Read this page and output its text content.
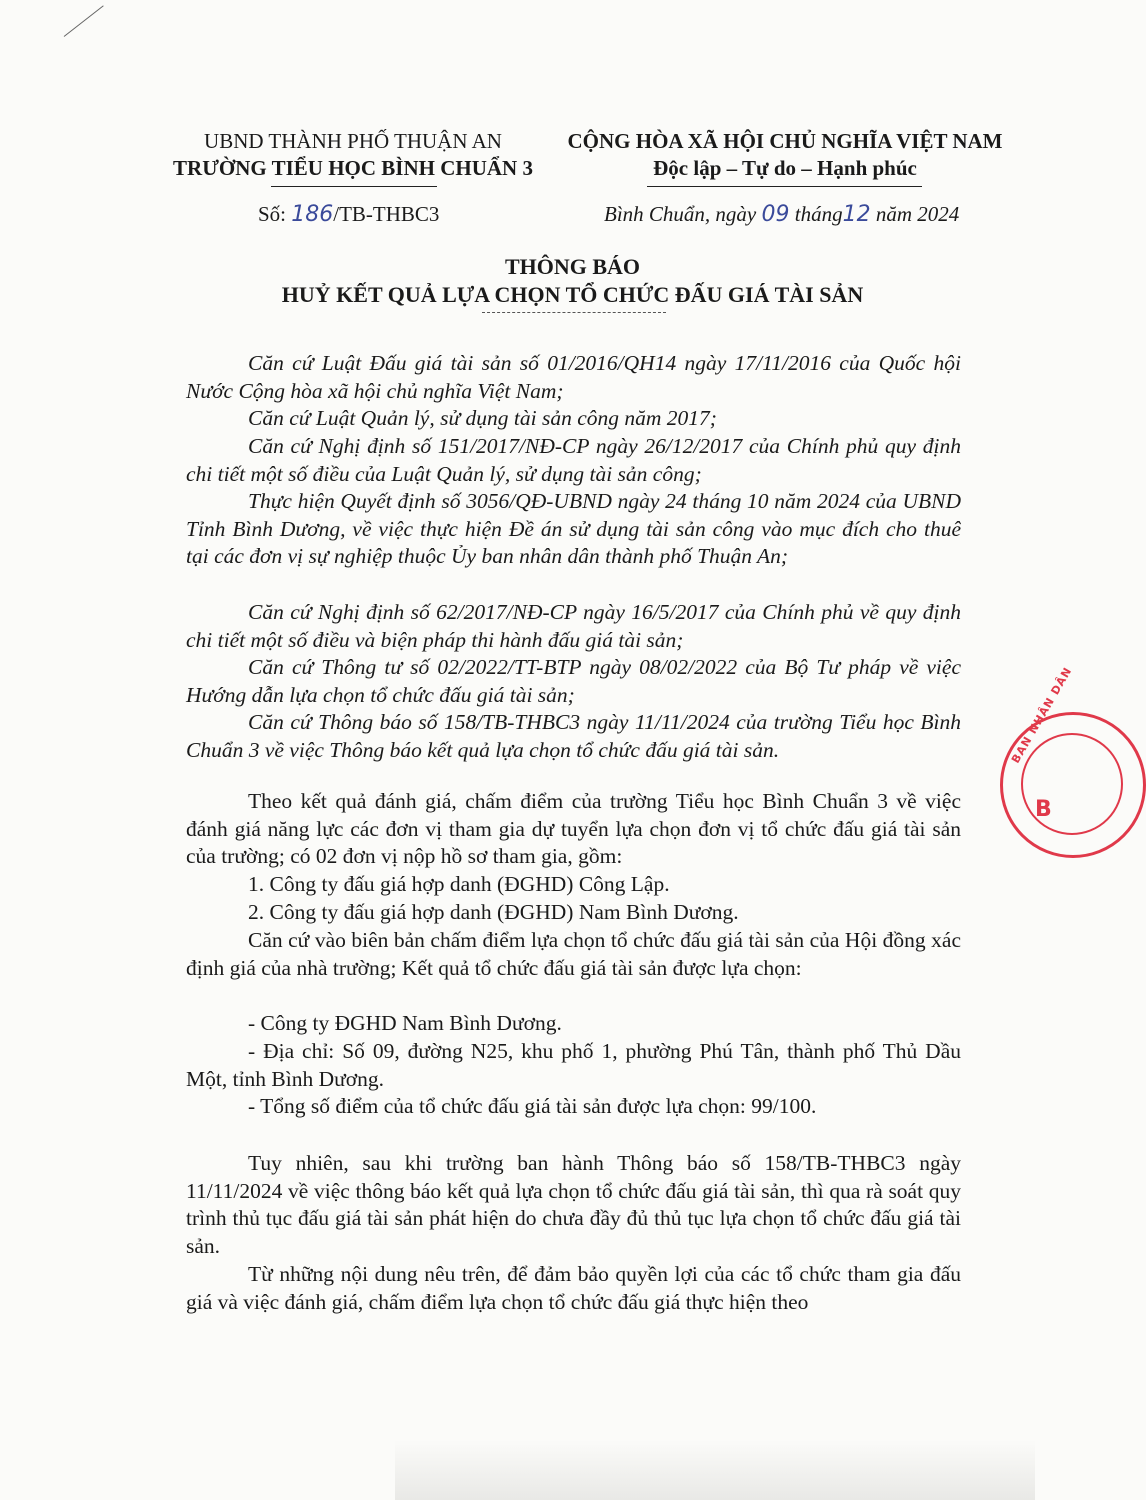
UBND THÀNH PHỐ THUẬN AN
TRƯỜNG TIỂU HỌC BÌNH CHUẨN 3
CỘNG HÒA XÃ HỘI CHỦ NGHĨA VIỆT NAM
Độc lập – Tự do – Hạnh phúc
Số: 186/TB-THBC3	Bình Chuẩn, ngày 09 tháng12 năm 2024
THÔNG BÁO
HUỶ KẾT QUẢ LỰA CHỌN TỔ CHỨC ĐẤU GIÁ TÀI SẢN
Căn cứ Luật Đấu giá tài sản số 01/2016/QH14 ngày 17/11/2016 của Quốc hội Nước Cộng hòa xã hội chủ nghĩa Việt Nam;
Căn cứ Luật Quản lý, sử dụng tài sản công năm 2017;
Căn cứ Nghị định số 151/2017/NĐ-CP ngày 26/12/2017 của Chính phủ quy định chi tiết một số điều của Luật Quản lý, sử dụng tài sản công;
Thực hiện Quyết định số 3056/QĐ-UBND ngày 24 tháng 10 năm 2024 của UBND Tỉnh Bình Dương, về việc thực hiện Đề án sử dụng tài sản công vào mục đích cho thuê tại các đơn vị sự nghiệp thuộc Ủy ban nhân dân thành phố Thuận An;
Căn cứ Nghị định số 62/2017/NĐ-CP ngày 16/5/2017 của Chính phủ về quy định chi tiết một số điều và biện pháp thi hành đấu giá tài sản;
Căn cứ Thông tư số 02/2022/TT-BTP ngày 08/02/2022 của Bộ Tư pháp về việc Hướng dẫn lựa chọn tổ chức đấu giá tài sản;
Căn cứ Thông báo số 158/TB-THBC3 ngày 11/11/2024 của trường Tiểu học Bình Chuẩn 3 về việc Thông báo kết quả lựa chọn tổ chức đấu giá tài sản.
Theo kết quả đánh giá, chấm điểm của trường Tiểu học Bình Chuẩn 3 về việc đánh giá năng lực các đơn vị tham gia dự tuyển lựa chọn đơn vị tổ chức đấu giá tài sản của trường; có 02 đơn vị nộp hồ sơ tham gia, gồm:
1. Công ty đấu giá hợp danh (ĐGHD) Công Lập.
2. Công ty đấu giá hợp danh (ĐGHD) Nam Bình Dương.
Căn cứ vào biên bản chấm điểm lựa chọn tổ chức đấu giá tài sản của Hội đồng xác định giá của nhà trường; Kết quả tổ chức đấu giá tài sản được lựa chọn:
- Công ty ĐGHD Nam Bình Dương.
- Địa chỉ: Số 09, đường N25, khu phố 1, phường Phú Tân, thành phố Thủ Dầu Một, tỉnh Bình Dương.
- Tổng số điểm của tổ chức đấu giá tài sản được lựa chọn: 99/100.
Tuy nhiên, sau khi trường ban hành Thông báo số 158/TB-THBC3 ngày 11/11/2024 về việc thông báo kết quả lựa chọn tổ chức đấu giá tài sản, thì qua rà soát quy trình thủ tục đấu giá tài sản phát hiện do chưa đầy đủ thủ tục lựa chọn tổ chức đấu giá tài sản.
Từ những nội dung nêu trên, để đảm bảo quyền lợi của các tổ chức tham gia đấu giá và việc đánh giá, chấm điểm lựa chọn tổ chức đấu giá thực hiện theo
BAN NHÂN DÂN
B
